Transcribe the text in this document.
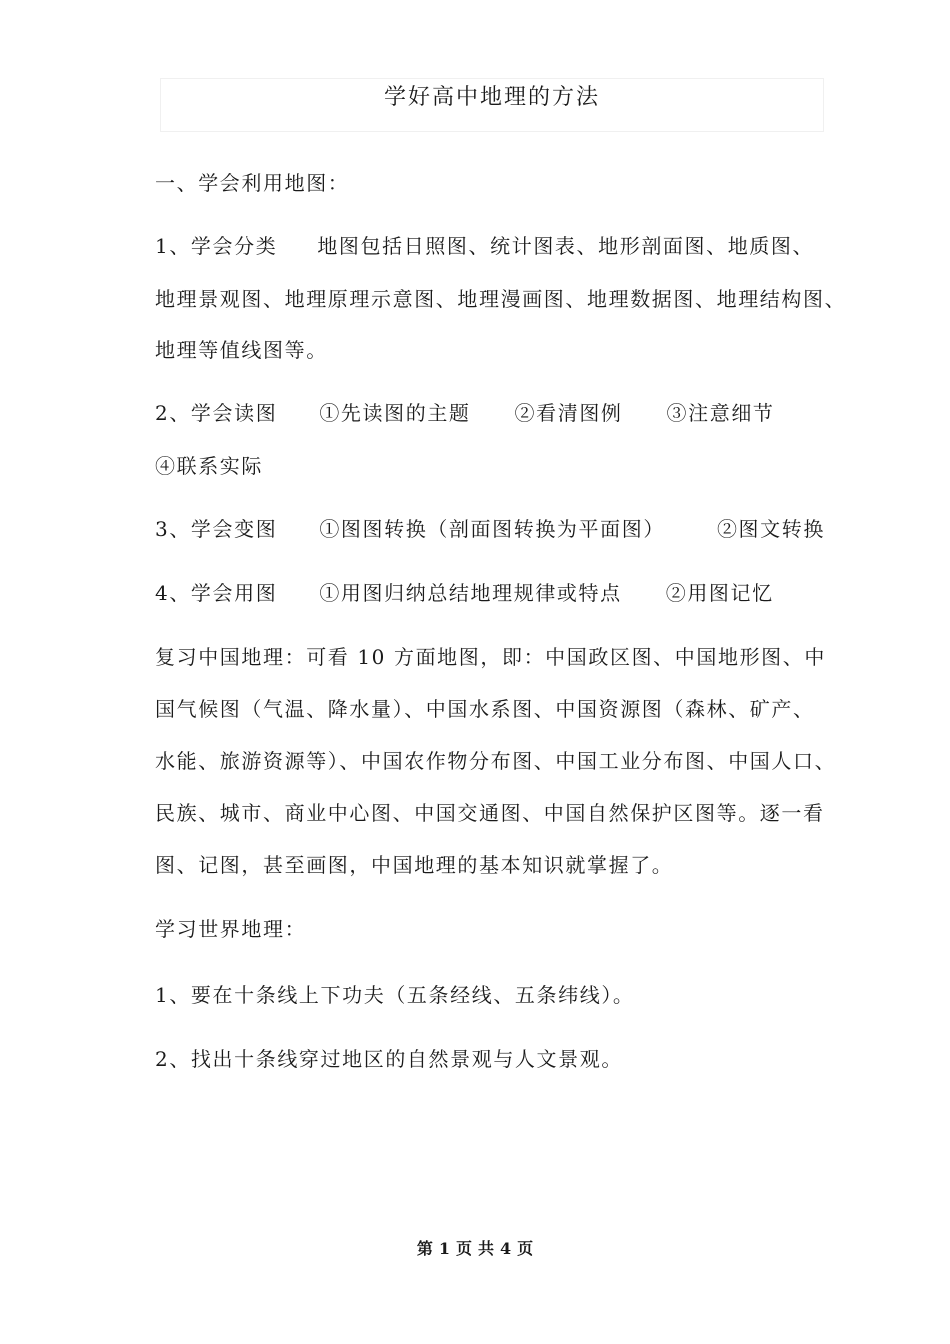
学好高中地理的方法
一、学会利用地图：
1、学会分类 地图包括日照图、统计图表、地形剖面图、地质图、
地理景观图、地理原理示意图、地理漫画图、地理数据图、地理结构图、
地理等值线图等。
2、学会读图 ①先读图的主题 ②看清图例 ③注意细节
④联系实际
3、学会变图 ①图图转换（剖面图转换为平面图）	②图文转换
4、学会用图 ①用图归纳总结地理规律或特点 ②用图记忆
复习中国地理：可看 10 方面地图，即：中国政区图、中国地形图、中
国气候图（气温、降水量）、中国水系图、中国资源图（森林、矿产、
水能、旅游资源等）、中国农作物分布图、中国工业分布图、中国人口、
民族、城市、商业中心图、中国交通图、中国自然保护区图等。逐一看
图、记图，甚至画图，中国地理的基本知识就掌握了。
学习世界地理：
1、要在十条线上下功夫（五条经线、五条纬线）。
2、找出十条线穿过地区的自然景观与人文景观。
第 1 页 共 4 页
